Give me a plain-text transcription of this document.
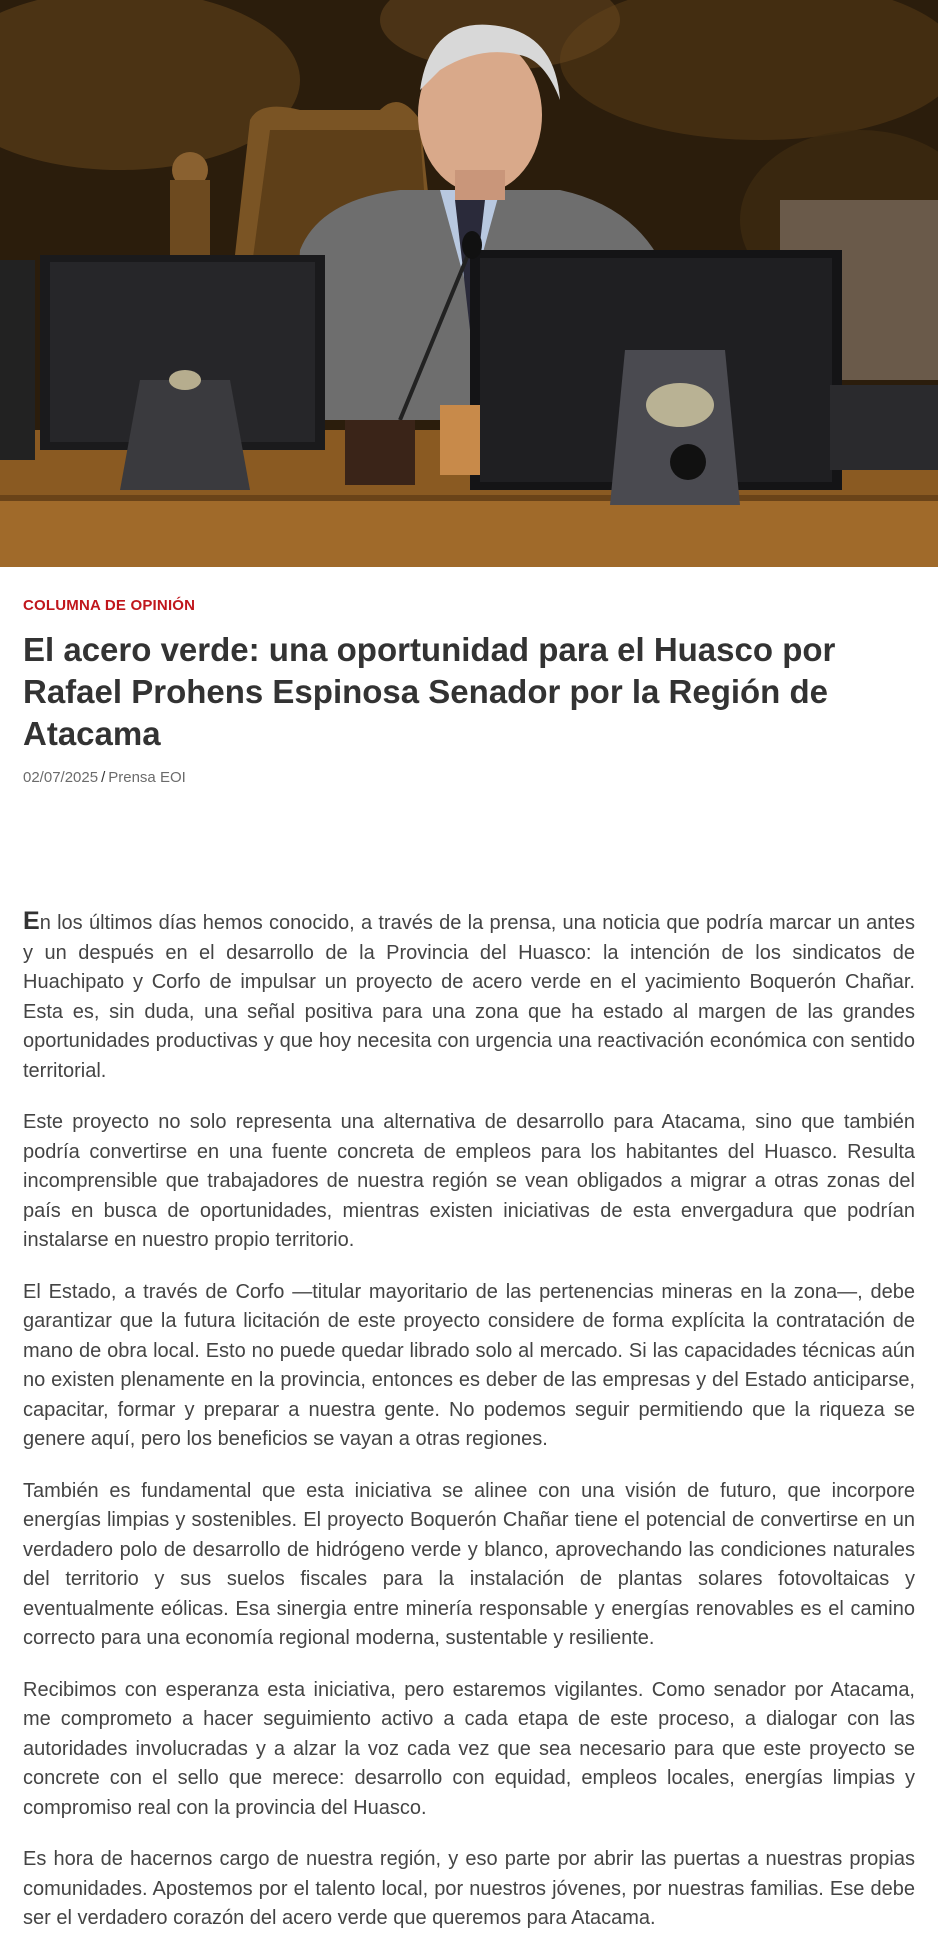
COLUMNA DE OPINIÓN
El acero verde: una oportunidad para el Huasco por Rafael Prohens Espinosa Senador por la Región de Atacama
02/07/2025 / Prensa EOI

En los últimos días hemos conocido, a través de la prensa, una noticia que podría marcar un antes y un después en el desarrollo de la Provincia del Huasco: la intención de los sindicatos de Huachipato y Corfo de impulsar un proyecto de acero verde en el yacimiento Boquerón Chañar. Esta es, sin duda, una señal positiva para una zona que ha estado al margen de las grandes oportunidades productivas y que hoy necesita con urgencia una reactivación económica con sentido territorial.

Este proyecto no solo representa una alternativa de desarrollo para Atacama, sino que también podría convertirse en una fuente concreta de empleos para los habitantes del Huasco. Resulta incomprensible que trabajadores de nuestra región se vean obligados a migrar a otras zonas del país en busca de oportunidades, mientras existen iniciativas de esta envergadura que podrían instalarse en nuestro propio territorio.

El Estado, a través de Corfo —titular mayoritario de las pertenencias mineras en la zona—, debe garantizar que la futura licitación de este proyecto considere de forma explícita la contratación de mano de obra local. Esto no puede quedar librado solo al mercado. Si las capacidades técnicas aún no existen plenamente en la provincia, entonces es deber de las empresas y del Estado anticiparse, capacitar, formar y preparar a nuestra gente. No podemos seguir permitiendo que la riqueza se genere aquí, pero los beneficios se vayan a otras regiones.

También es fundamental que esta iniciativa se alinee con una visión de futuro, que incorpore energías limpias y sostenibles. El proyecto Boquerón Chañar tiene el potencial de convertirse en un verdadero polo de desarrollo de hidrógeno verde y blanco, aprovechando las condiciones naturales del territorio y sus suelos fiscales para la instalación de plantas solares fotovoltaicas y eventualmente eólicas. Esa sinergia entre minería responsable y energías renovables es el camino correcto para una economía regional moderna, sustentable y resiliente.

Recibimos con esperanza esta iniciativa, pero estaremos vigilantes. Como senador por Atacama, me comprometo a hacer seguimiento activo a cada etapa de este proceso, a dialogar con las autoridades involucradas y a alzar la voz cada vez que sea necesario para que este proyecto se concrete con el sello que merece: desarrollo con equidad, empleos locales, energías limpias y compromiso real con la provincia del Huasco.

Es hora de hacernos cargo de nuestra región, y eso parte por abrir las puertas a nuestras propias comunidades. Apostemos por el talento local, por nuestros jóvenes, por nuestras familias. Ese debe ser el verdadero corazón del acero verde que queremos para Atacama.
